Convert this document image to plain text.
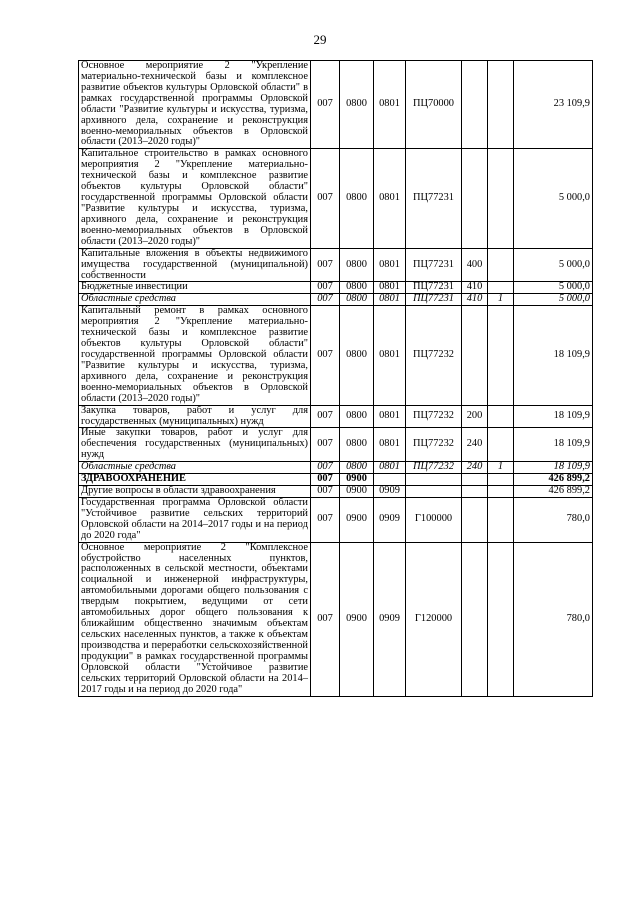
29
Основное мероприятие 2 "Укрепление материально-технической базы и комплексное развитие объектов культуры Орловской области" в рамках государственной программы Орловской области "Развитие культуры и искусства, туризма, архивного дела, сохранение и реконструкция военно-мемориальных объектов в Орловской области (2013–2020 годы)"	007	0800	0801	ПЦ70000			23 109,9
Капитальное строительство в рамках основного мероприятия 2 "Укрепление материально-технической базы и комплексное развитие объектов культуры Орловской области" государственной программы Орловской области "Развитие культуры и искусства, туризма, архивного дела, сохранение и реконструкция военно-мемориальных объектов в Орловской области (2013–2020 годы)"	007	0800	0801	ПЦ77231			5 000,0
Капитальные вложения в объекты недвижимого имущества государственной (муниципальной) собственности	007	0800	0801	ПЦ77231	400		5 000,0
Бюджетные инвестиции	007	0800	0801	ПЦ77231	410		5 000,0
Областные средства	007	0800	0801	ПЦ77231	410	1	5 000,0
Капитальный ремонт в рамках основного мероприятия 2 "Укрепление материально-технической базы и комплексное развитие объектов культуры Орловской области" государственной программы Орловской области "Развитие культуры и искусства, туризма, архивного дела, сохранение и реконструкция военно-мемориальных объектов в Орловской области (2013–2020 годы)"	007	0800	0801	ПЦ77232			18 109,9
Закупка товаров, работ и услуг для государственных (муниципальных) нужд	007	0800	0801	ПЦ77232	200		18 109,9
Иные закупки товаров, работ и услуг для обеспечения государственных (муниципальных) нужд	007	0800	0801	ПЦ77232	240		18 109,9
Областные средства	007	0800	0801	ПЦ77232	240	1	18 109,9
ЗДРАВООХРАНЕНИЕ	007	0900					426 899,2
Другие вопросы в области здравоохранения	007	0900	0909				426 899,2
Государственная программа Орловской области "Устойчивое развитие сельских территорий Орловской области на 2014–2017 годы и на период до 2020 года"	007	0900	0909	Г100000			780,0
Основное мероприятие 2 "Комплексное обустройство населенных пунктов, расположенных в сельской местности, объектами социальной и инженерной инфраструктуры, автомобильными дорогами общего пользования с твердым покрытием, ведущими от сети автомобильных дорог общего пользования к ближайшим общественно значимым объектам сельских населенных пунктов, а также к объектам производства и переработки сельскохозяйственной продукции" в рамках государственной программы Орловской области "Устойчивое развитие сельских территорий Орловской области на 2014–2017 годы и на период до 2020 года"	007	0900	0909	Г120000			780,0
